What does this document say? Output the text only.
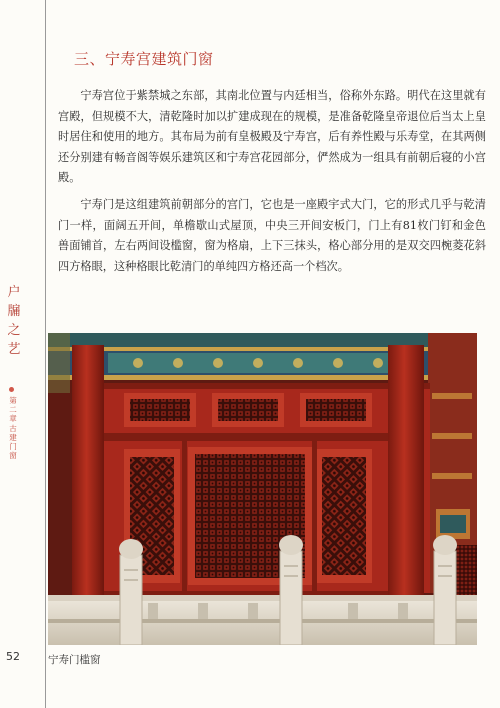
户
牖
之
艺
第
二
章
古
建
门
窗
三、宁寿宫建筑门窗

宁寿宫位于紫禁城之东部，其南北位置与内廷相当，俗称外东路。明代在这里就有宫殿，但规模不大，清乾隆时加以扩建成现在的规模，是准备乾隆皇帝退位后当太上皇时居住和使用的地方。其布局为前有皇极殿及宁寿宫，后有养性殿与乐寿堂，在其两侧还分别建有畅音阁等娱乐建筑区和宁寿宫花园部分，俨然成为一组具有前朝后寝的小宫殿。

宁寿门是这组建筑前朝部分的宫门，它也是一座殿宇式大门，它的形式几乎与乾清门一样，面阔五开间，单檐歇山式屋顶，中央三开间安板门，门上有81枚门钉和金色兽面铺首，左右两间设槛窗，窗为格扇，上下三抹头，格心部分用的是双交四椀菱花斜四方格眼，这种格眼比乾清门的单纯四方格还高一个档次。

52	宁寿门槛窗
